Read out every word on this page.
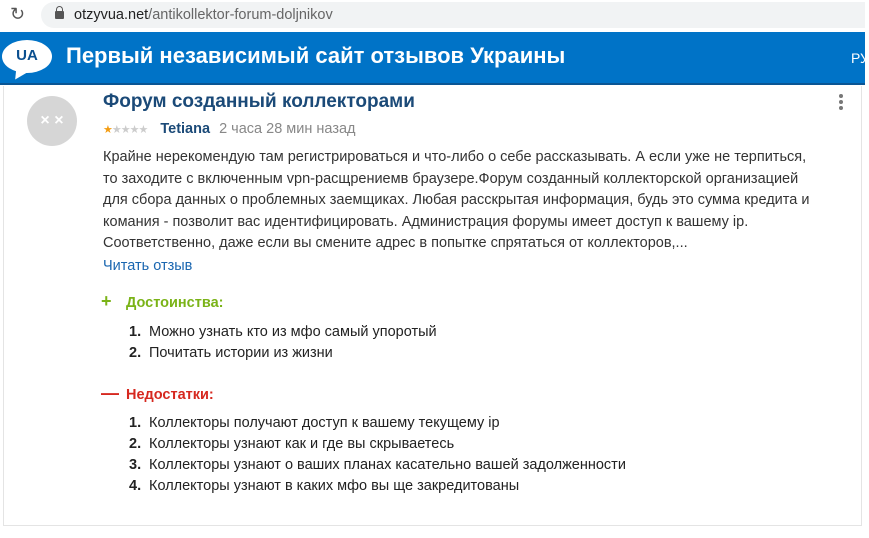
↻	otzyvua.net/antikollektor-forum-doljnikov
UA	Первый независимый сайт отзывов Украины	РУ
× ×
Форум созданный коллекторами
★★★★★ Tetiana 2 часа 28 мин назад
Крайне нерекомендую там регистрироваться и что-либо о себе рассказывать. А если уже не терпиться, то заходите с включенным vpn-расщрениемв браузере.Форум созданный коллекторской организацией для сбора данных о проблемных заемщиках. Любая расскрытая информация, будь это сумма кредита и комания - позволит вас идентифицировать. Администрация форумы имеет доступ к вашему ip. Соответственно, даже если вы смените адрес в попытке спрятаться от коллекторов,...
Читать отзыв
+ Достоинства:
1. Можно узнать кто из мфо самый упоротый
2. Почитать истории из жизни
— Недостатки:
1. Коллекторы получают доступ к вашему текущему ip
2. Коллекторы узнают как и где вы скрываетесь
3. Коллекторы узнают о ваших планах касательно вашей задолженности
4. Коллекторы узнают в каких мфо вы ще закредитованы
